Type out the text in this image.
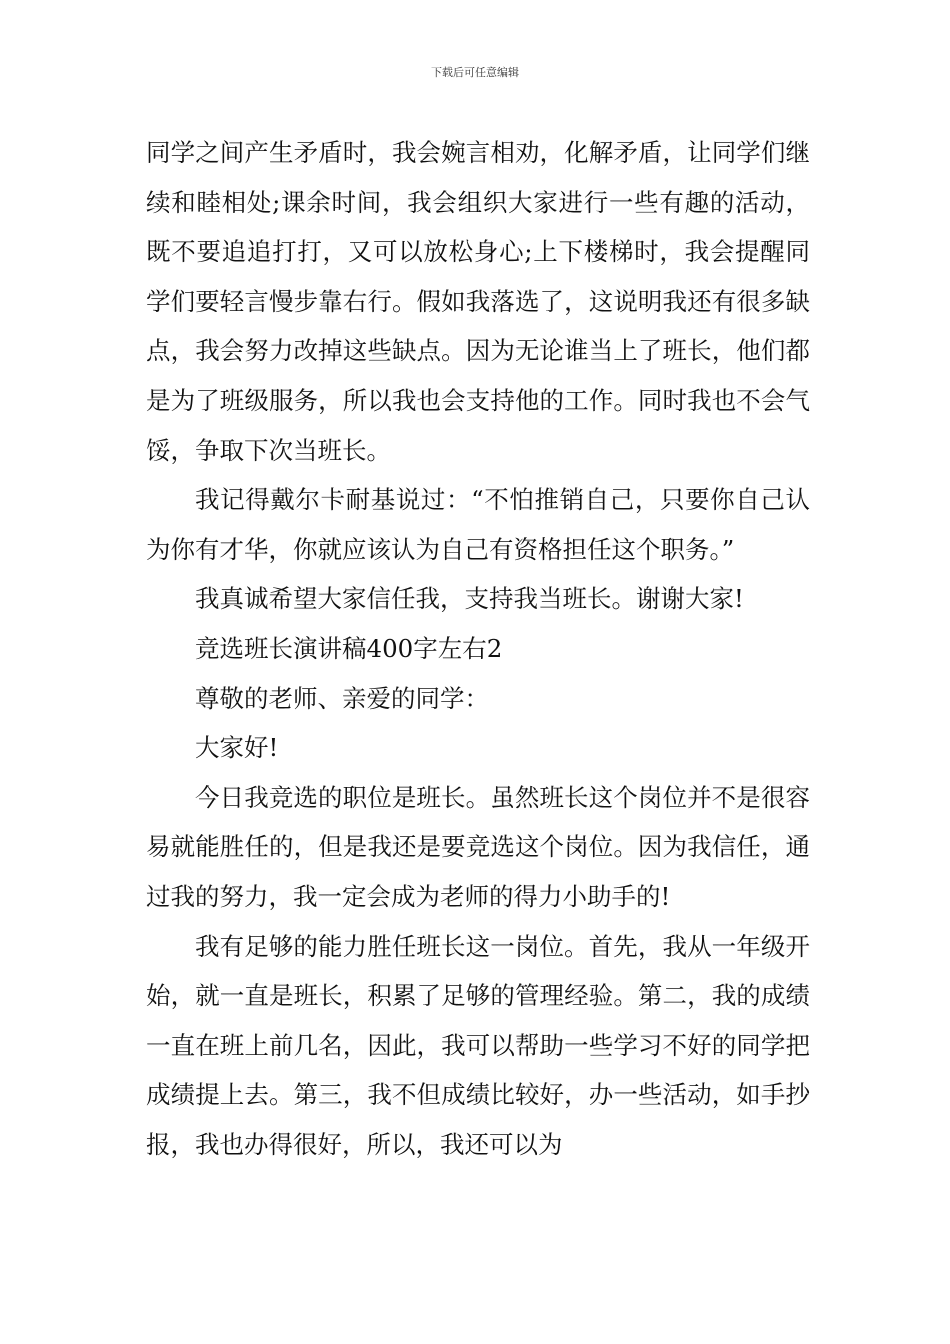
下载后可任意编辑

同学之间产生矛盾时，我会婉言相劝，化解矛盾，让同学们继续和睦相处;课余时间，我会组织大家进行一些有趣的活动，既不要追追打打，又可以放松身心;上下楼梯时，我会提醒同学们要轻言慢步靠右行。假如我落选了，这说明我还有很多缺点，我会努力改掉这些缺点。因为无论谁当上了班长，他们都是为了班级服务，所以我也会支持他的工作。同时我也不会气馁，争取下次当班长。

我记得戴尔卡耐基说过：“不怕推销自己，只要你自己认为你有才华，你就应该认为自己有资格担任这个职务。”

我真诚希望大家信任我，支持我当班长。谢谢大家!

竞选班长演讲稿400字左右2

尊敬的老师、亲爱的同学：

大家好!

今日我竞选的职位是班长。虽然班长这个岗位并不是很容易就能胜任的，但是我还是要竞选这个岗位。因为我信任，通过我的努力，我一定会成为老师的得力小助手的!

我有足够的能力胜任班长这一岗位。首先，我从一年级开始，就一直是班长，积累了足够的管理经验。第二，我的成绩一直在班上前几名，因此，我可以帮助一些学习不好的同学把成绩提上去。第三，我不但成绩比较好，办一些活动，如手抄报，我也办得很好，所以，我还可以为
